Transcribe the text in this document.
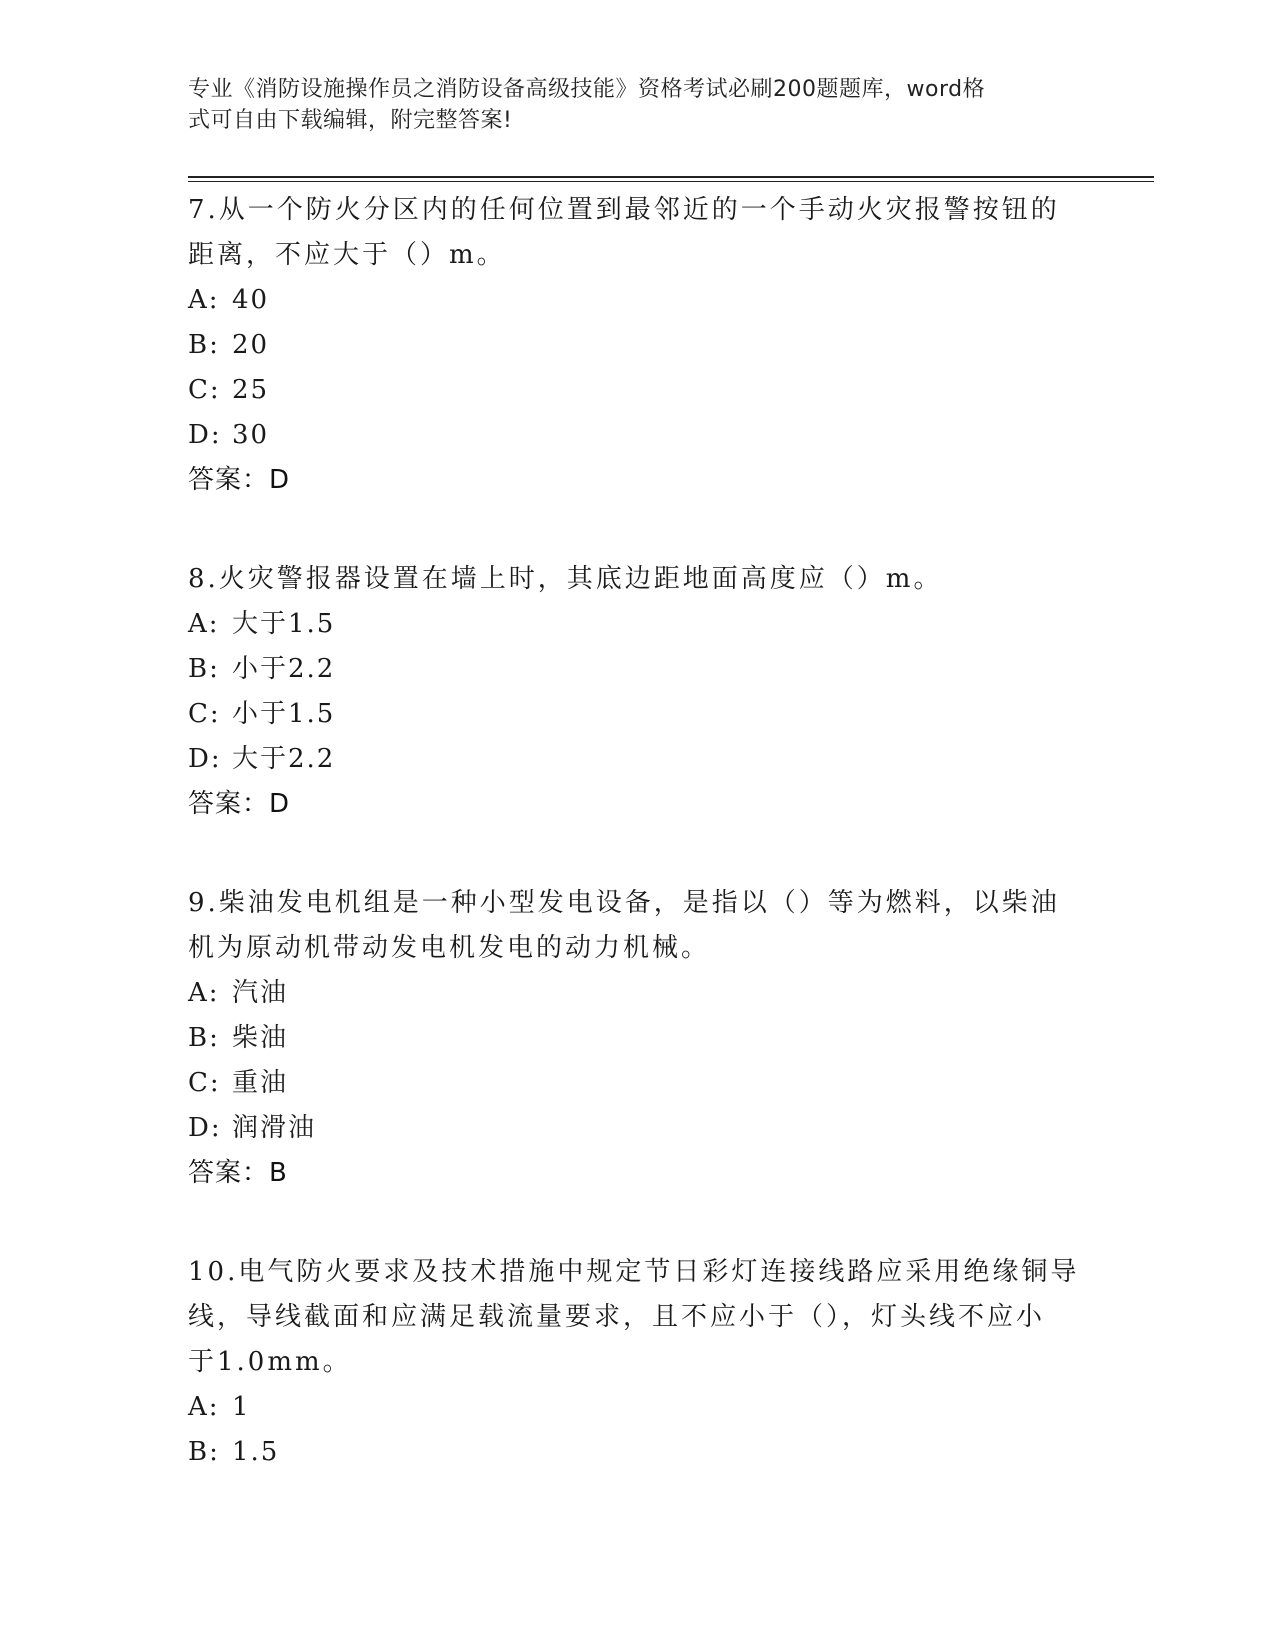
专业《消防设施操作员之消防设备高级技能》资格考试必刷200题题库，word格
式可自由下载编辑，附完整答案!

7.从一个防火分区内的任何位置到最邻近的一个手动火灾报警按钮的

距离，不应大于（）m。

A: 40
B: 20
C: 25
D: 30
答案：D

8.火灾警报器设置在墙上时，其底边距地面高度应（）m。

A: 大于1.5
B: 小于2.2
C: 小于1.5
D: 大于2.2
答案：D

9.柴油发电机组是一种小型发电设备，是指以（）等为燃料，以柴油

机为原动机带动发电机发电的动力机械。

A: 汽油
B: 柴油
C: 重油
D: 润滑油
答案：B

10.电气防火要求及技术措施中规定节日彩灯连接线路应采用绝缘铜导

线，导线截面和应满足载流量要求，且不应小于（），灯头线不应小

于1.0mm。

A: 1
B: 1.5
